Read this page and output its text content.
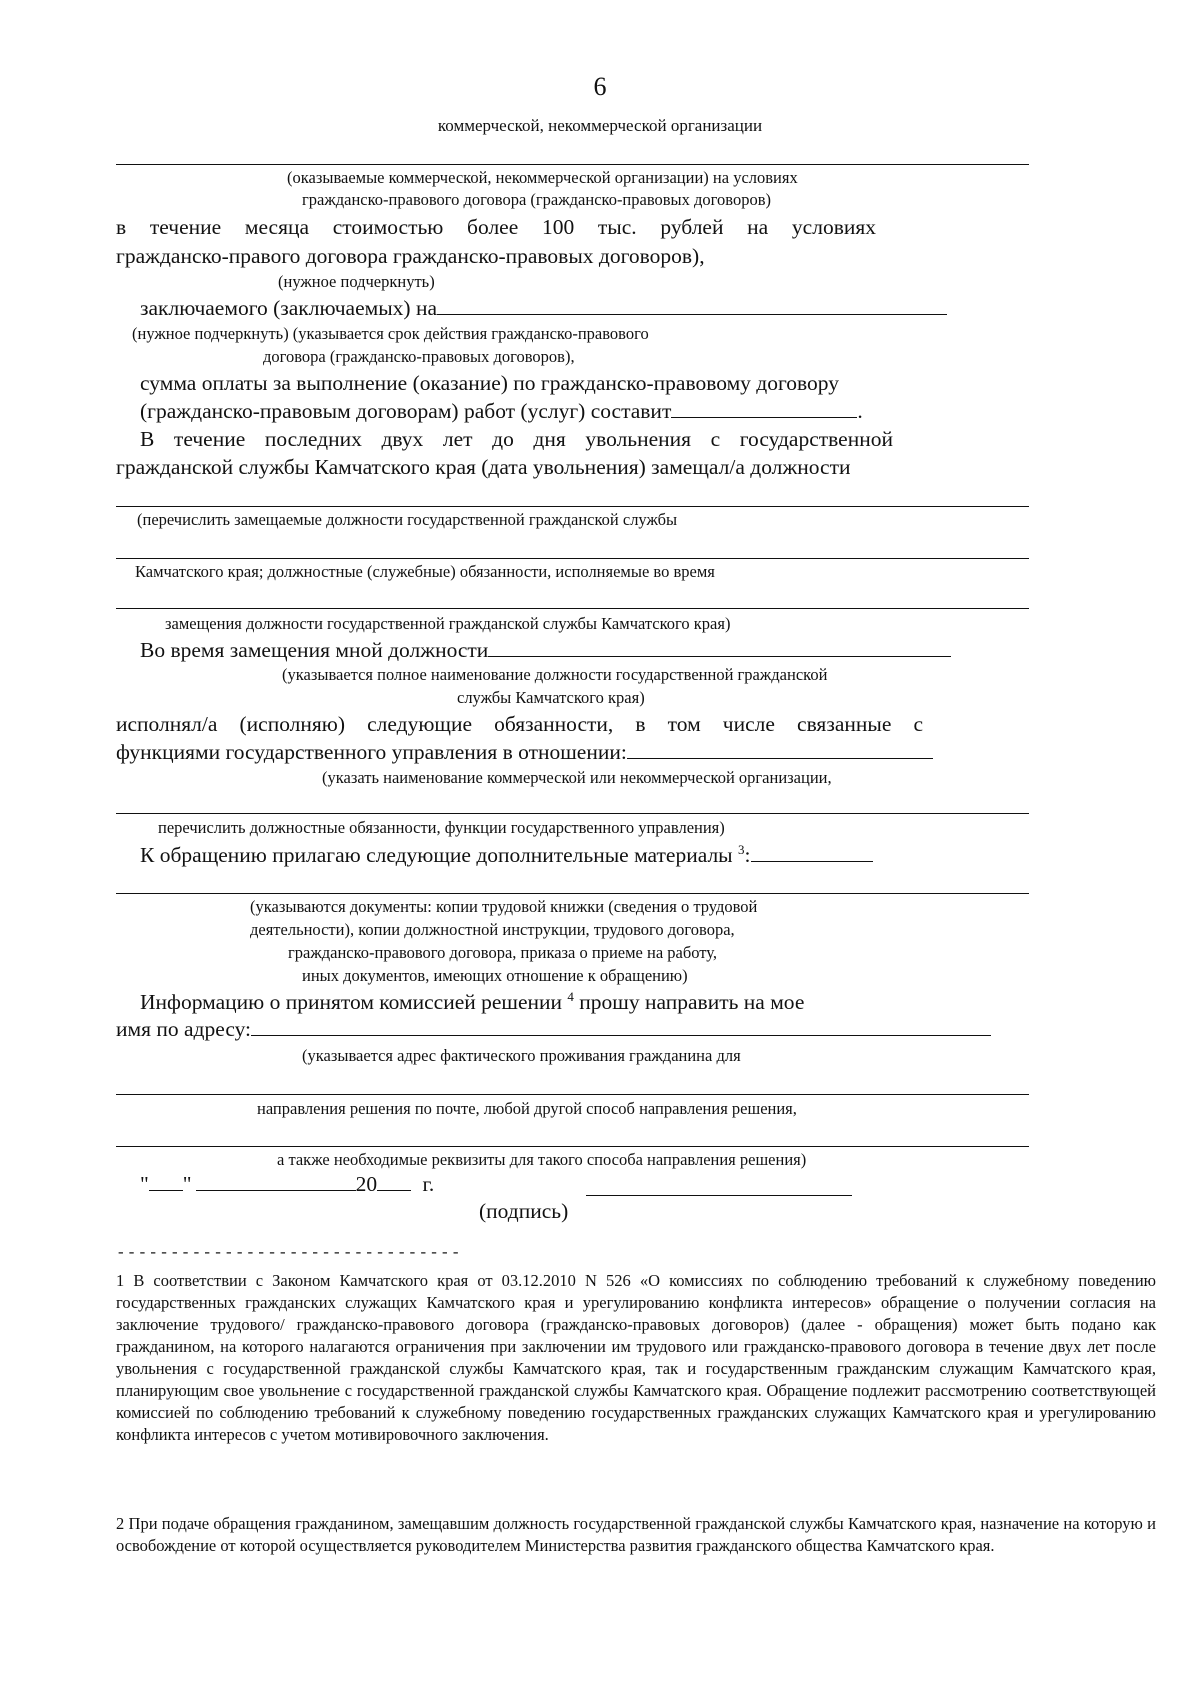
6
коммерческой, некоммерческой организации
(оказываемые коммерческой, некоммерческой организации) на условиях
гражданско-правового договора (гражданско-правовых договоров)
в течение месяца стоимостью более 100 тыс. рублей на условиях
гражданско-правого договора гражданско-правовых договоров),
(нужное подчеркнуть)
заключаемого (заключаемых) на
(нужное подчеркнуть) (указывается срок действия гражданско-правового
договора (гражданско-правовых договоров),
сумма оплаты за выполнение (оказание) по гражданско-правовому договору
(гражданско-правовым договорам) работ (услуг) составит	.
В течение последних двух лет до дня увольнения с государственной
гражданской службы Камчатского края (дата увольнения) замещал/а должности
(перечислить замещаемые должности государственной гражданской службы
Камчатского края; должностные (служебные) обязанности, исполняемые во время
замещения должности государственной гражданской службы Камчатского края)
Во время замещения мной должности
(указывается полное наименование должности государственной гражданской
службы Камчатского края)
исполнял/а (исполняю) следующие обязанности, в том числе связанные с
функциями государственного управления в отношении:
(указать наименование коммерческой или некоммерческой организации,
перечислить должностные обязанности, функции государственного управления)
К обращению прилагаю следующие дополнительные материалы $^3$:
(указываются документы: копии трудовой книжки (сведения о трудовой
деятельности), копии должностной инструкции, трудового договора,
гражданско-правового договора, приказа о приеме на работу,
иных документов, имеющих отношение к обращению)
Информацию о принятом комиссией решении $^4$ прошу направить на мое
имя по адресу:
(указывается адрес фактического проживания гражданина для
направления решения по почте, любой другой способ направления решения,
а также необходимые реквизиты для такого способа направления решения)
" "	20 г.
(подпись)
--------------------------------
1 В соответствии с Законом Камчатского края от 03.12.2010 N 526 «О комиссиях по соблюдению требований к служебному поведению государственных гражданских служащих Камчатского края и урегулированию конфликта интересов» обращение о получении согласия на заключение трудового/ гражданско-правового договора (гражданско-правовых договоров) (далее - обращения) может быть подано как гражданином, на которого налагаются ограничения при заключении им трудового или гражданско-правового договора в течение двух лет после увольнения с государственной гражданской службы Камчатского края, так и государственным гражданским служащим Камчатского края, планирующим свое увольнение с государственной гражданской службы Камчатского края. Обращение подлежит рассмотрению соответствующей комиссией по соблюдению требований к служебному поведению государственных гражданских служащих Камчатского края и урегулированию конфликта интересов с учетом мотивировочного заключения.
2 При подаче обращения гражданином, замещавшим должность государственной гражданской службы Камчатского края, назначение на которую и освобождение от которой осуществляется руководителем Министерства развития гражданского общества Камчатского края.
